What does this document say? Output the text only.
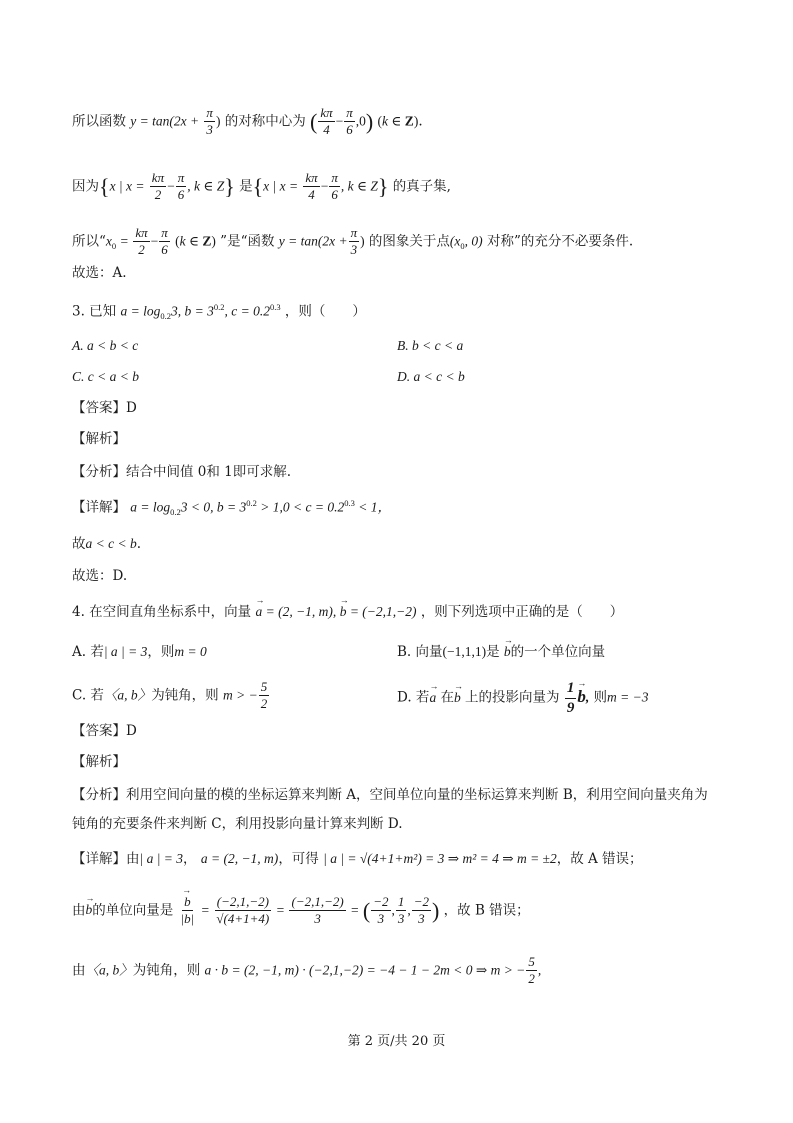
所以函数 $y = \tan(2x + \frac{\pi}{3}$ ) 的对称中心为 ( $\frac{k\pi}{4} - \frac{\pi}{6} ,0$) (k ∈ Z).
因为{x | $x = \frac{k\pi}{2} - \frac{\pi}{6}$ , k ∈ Z} 是{x | $x = \frac{k\pi}{4} - \frac{\pi}{6}$ , k ∈ Z} 的真子集,
所以“$x_0 = \frac{k\pi}{2} - \frac{\pi}{6} (k$ ∈ Z) ”是“函数 $y = \tan(2x + \frac{\pi}{3}$ ) 的图象关于点($x_0$, 0) 对称”的充分不必要条件.
故选：A.
3. 已知 $a = \log_{0.2}3$, $b = 3^{0.2}$, $c = 0.2^{0.3}$ ，则（　　）
A. a < b < c	B. b < c < a
C. c < a < b	D. a < c < b
【答案】D
【解析】
【分析】结合中间值 0和 1即可求解.
【详解】 $a = \log_{0.2}3 < 0$, $b = 3^{0.2} > 1,0 < c = 0.2^{0.3} < 1$，
故a < c < b.
故选：D.
4. 在空间直角坐标系中，向量 → a = (2, −1, m), → b = (−2,1,−2) ，则下列选项中正确的是（　　）
A. 若| a | = 3，则m = 0	B. 向量(−1,1,1)是 → b的一个单位向量
C. 若〈a, b〉为钝角，则 m > − $\frac{5}{2}$	D. 若→ a 在→ b 上的投影向量为 $\frac{1}{9}$
→ b, 则m = −3
【答案】D
【解析】
【分析】利用空间向量的模的坐标运算来判断 A，空间单位向量的坐标运算来判断 B，利用空间向量夹角为
钝角的充要条件来判断 C，利用投影向量计算来判断 D.
【详解】由| a | = 3， a = (2, −1, m)，可得 | a | = √(4+1+m²) = 3 ⇒ m² = 4 ⇒ m = ±2，故 A 错误；
由→ b的单位向量是
→ $\frac{b}{|b|} = \frac{(-2,1,-2)}{√(4+1+4)} = \frac{(-2,1,-2)}{3}$ = ( $\frac{-2}{3}$ , $\frac{1}{3}$ , $\frac{-2}{3}$ ) ，故 B 错误；
由〈a, b〉为钝角，则 a · b = (2, −1, m) · (−2,1,−2) = −4 − 1 − 2m < 0 ⇒ m > − $\frac{5}{2}$ ,
第 2 页/共 20 页
